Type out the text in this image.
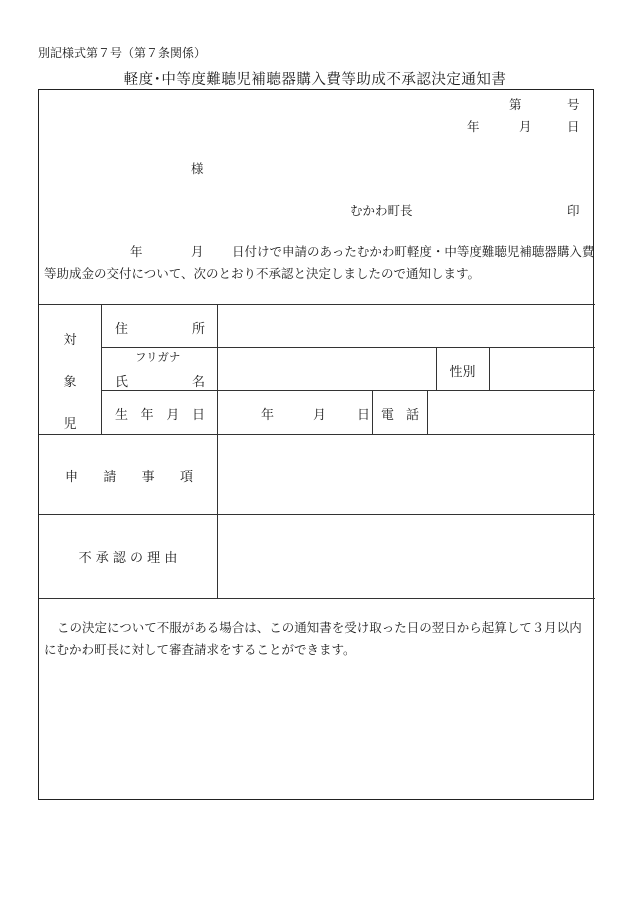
別記様式第７号（第７条関係）
軽度･中等度難聴児補聴器購入費等助成不承認決定通知書
第	号
年	月	日
様
むかわ町長	印
年	月 日付けで申請のあったむかわ町軽度・中等度難聴児補聴器購入費
等助成金の交付について、次のとおり不承認と決定しましたので通知します。
対
象
児
住	所
フリガナ
氏	名
性別
生 年 月 日	年	月 日 電 話
申 請 事 項
不 承 認 の 理 由
この決定について不服がある場合は、この通知書を受け取った日の翌日から起算して３月以内にむかわ町長に対して審査請求をすることができます。
